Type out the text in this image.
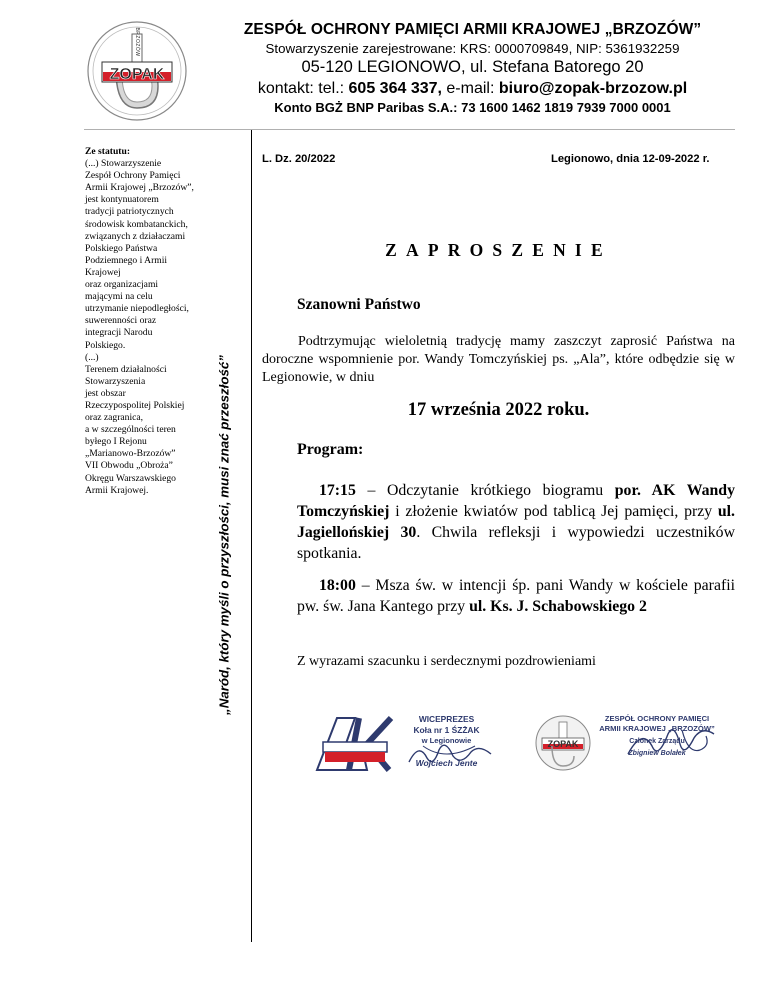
BRZOZÓW
ZOPAK
ZESPÓŁ OCHRONY PAMIĘCI ARMII KRAJOWEJ „BRZOZÓW”
Stowarzyszenie zarejestrowane: KRS: 0000709849, NIP: 5361932259
05-120 LEGIONOWO, ul. Stefana Batorego 20
kontakt: tel.: 605 364 337, e-mail: biuro@zopak-brzozow.pl
Konto BGŻ BNP Paribas S.A.: 73 1600 1462 1819 7939 7000 0001
Ze statutu:
(...) Stowarzyszenie
Zespół Ochrony Pamięci
Armii Krajowej „Brzozów”,
jest kontynuatorem
tradycji patriotycznych
środowisk kombatanckich,
związanych z działaczami
Polskiego Państwa
Podziemnego i Armii
Krajowej
oraz organizacjami
mającymi na celu
utrzymanie niepodległości,
suwerenności oraz
integracji Narodu
Polskiego.
(...)
Terenem działalności
Stowarzyszenia
jest obszar
Rzeczypospolitej Polskiej
oraz zagranica,
a w szczególności teren
byłego I Rejonu
„Marianowo-Brzozów”
VII Obwodu „Obroża”
Okręgu Warszawskiego
Armii Krajowej.	„Naród, który myśli o przyszłości, musi znać przeszłość”
L. Dz. 20/2022	Legionowo, dnia 12-09-2022 r.
ZAPROSZENIE
Szanowni Państwo
Podtrzymując wieloletnią tradycję mamy zaszczyt zaprosić Państwa na doroczne wspomnienie por. Wandy Tomczyńskiej ps. „Ala”, które odbędzie się w Legionowie, w dniu
17 września 2022 roku.
Program:
17:15 – Odczytanie krótkiego biogramu por. AK Wandy Tomczyńskiej i złożenie kwiatów pod tablicą Jej pamięci, przy ul. Jagiellońskiej 30. Chwila refleksji i wypowiedzi uczestników spotkania.
18:00 – Msza św. w intencji śp. pani Wandy w kościele parafii pw. św. Jana Kantego przy ul. Ks. J. Schabowskiego 2
Z wyrazami szacunku i serdecznymi pozdrowieniami
WICEPREZES
Koła nr 1 ŚZŻAK
w Legionowie
Wojciech Jente
ZOPAK
ZESPÓŁ OCHRONY PAMIĘCI
ARMII KRAJOWEJ „BRZOZÓW”
Członek Zarządu
Zbigniew Bolałek
